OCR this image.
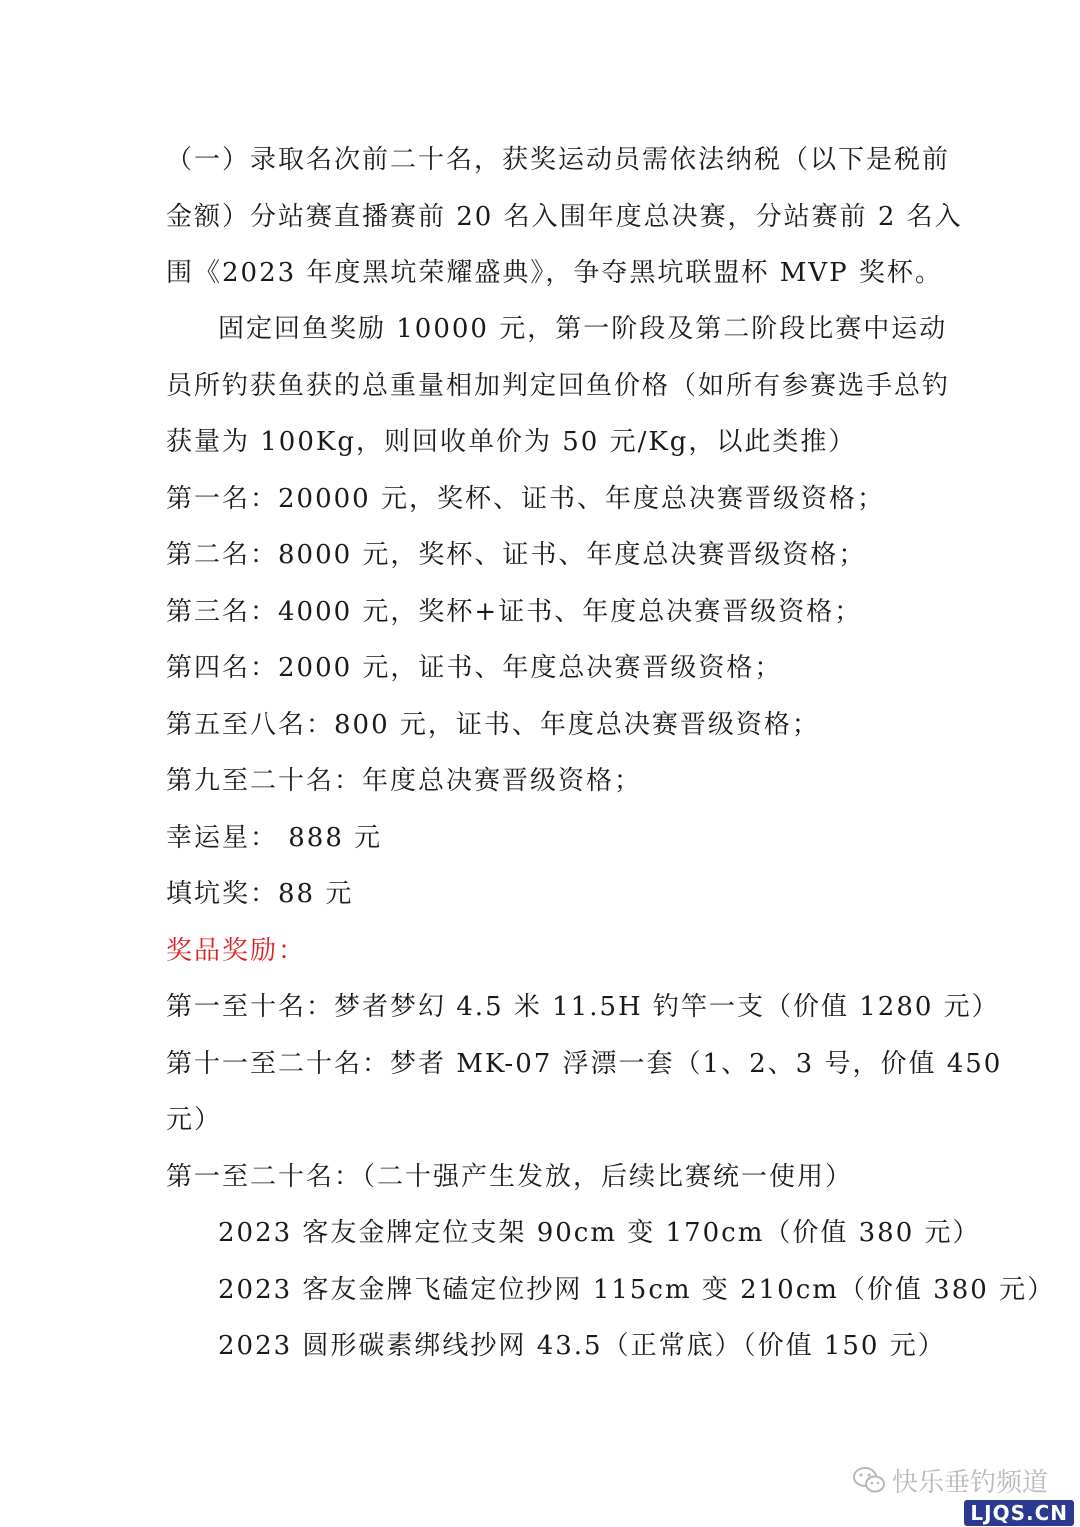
（一）录取名次前二十名，获奖运动员需依法纳税（以下是税前
金额）分站赛直播赛前 20 名入围年度总决赛，分站赛前 2 名入
围《2023 年度黑坑荣耀盛典》，争夺黑坑联盟杯 MVP 奖杯。
固定回鱼奖励 10000 元，第一阶段及第二阶段比赛中运动
员所钓获鱼获的总重量相加判定回鱼价格（如所有参赛选手总钓
获量为 100Kg，则回收单价为 50 元/Kg，以此类推）
第一名：20000 元，奖杯、证书、年度总决赛晋级资格；
第二名：8000 元，奖杯、证书、年度总决赛晋级资格；
第三名：4000 元，奖杯+证书、年度总决赛晋级资格；
第四名：2000 元，证书、年度总决赛晋级资格；
第五至八名：800 元，证书、年度总决赛晋级资格；
第九至二十名：年度总决赛晋级资格；
幸运星： 888 元
填坑奖：88 元
奖品奖励：
第一至十名：梦者梦幻 4.5 米 11.5H 钓竿一支（价值 1280 元）
第十一至二十名：梦者 MK-07 浮漂一套（1、2、3 号，价值 450
元）
第一至二十名：（二十强产生发放，后续比赛统一使用）
2023 客友金牌定位支架 90cm 变 170cm（价值 380 元）
2023 客友金牌飞磕定位抄网 115cm 变 210cm（价值 380 元）
2023 圆形碳素绑线抄网 43.5（正常底）（价值 150 元）
快乐垂钓频道
LJQS.CN
